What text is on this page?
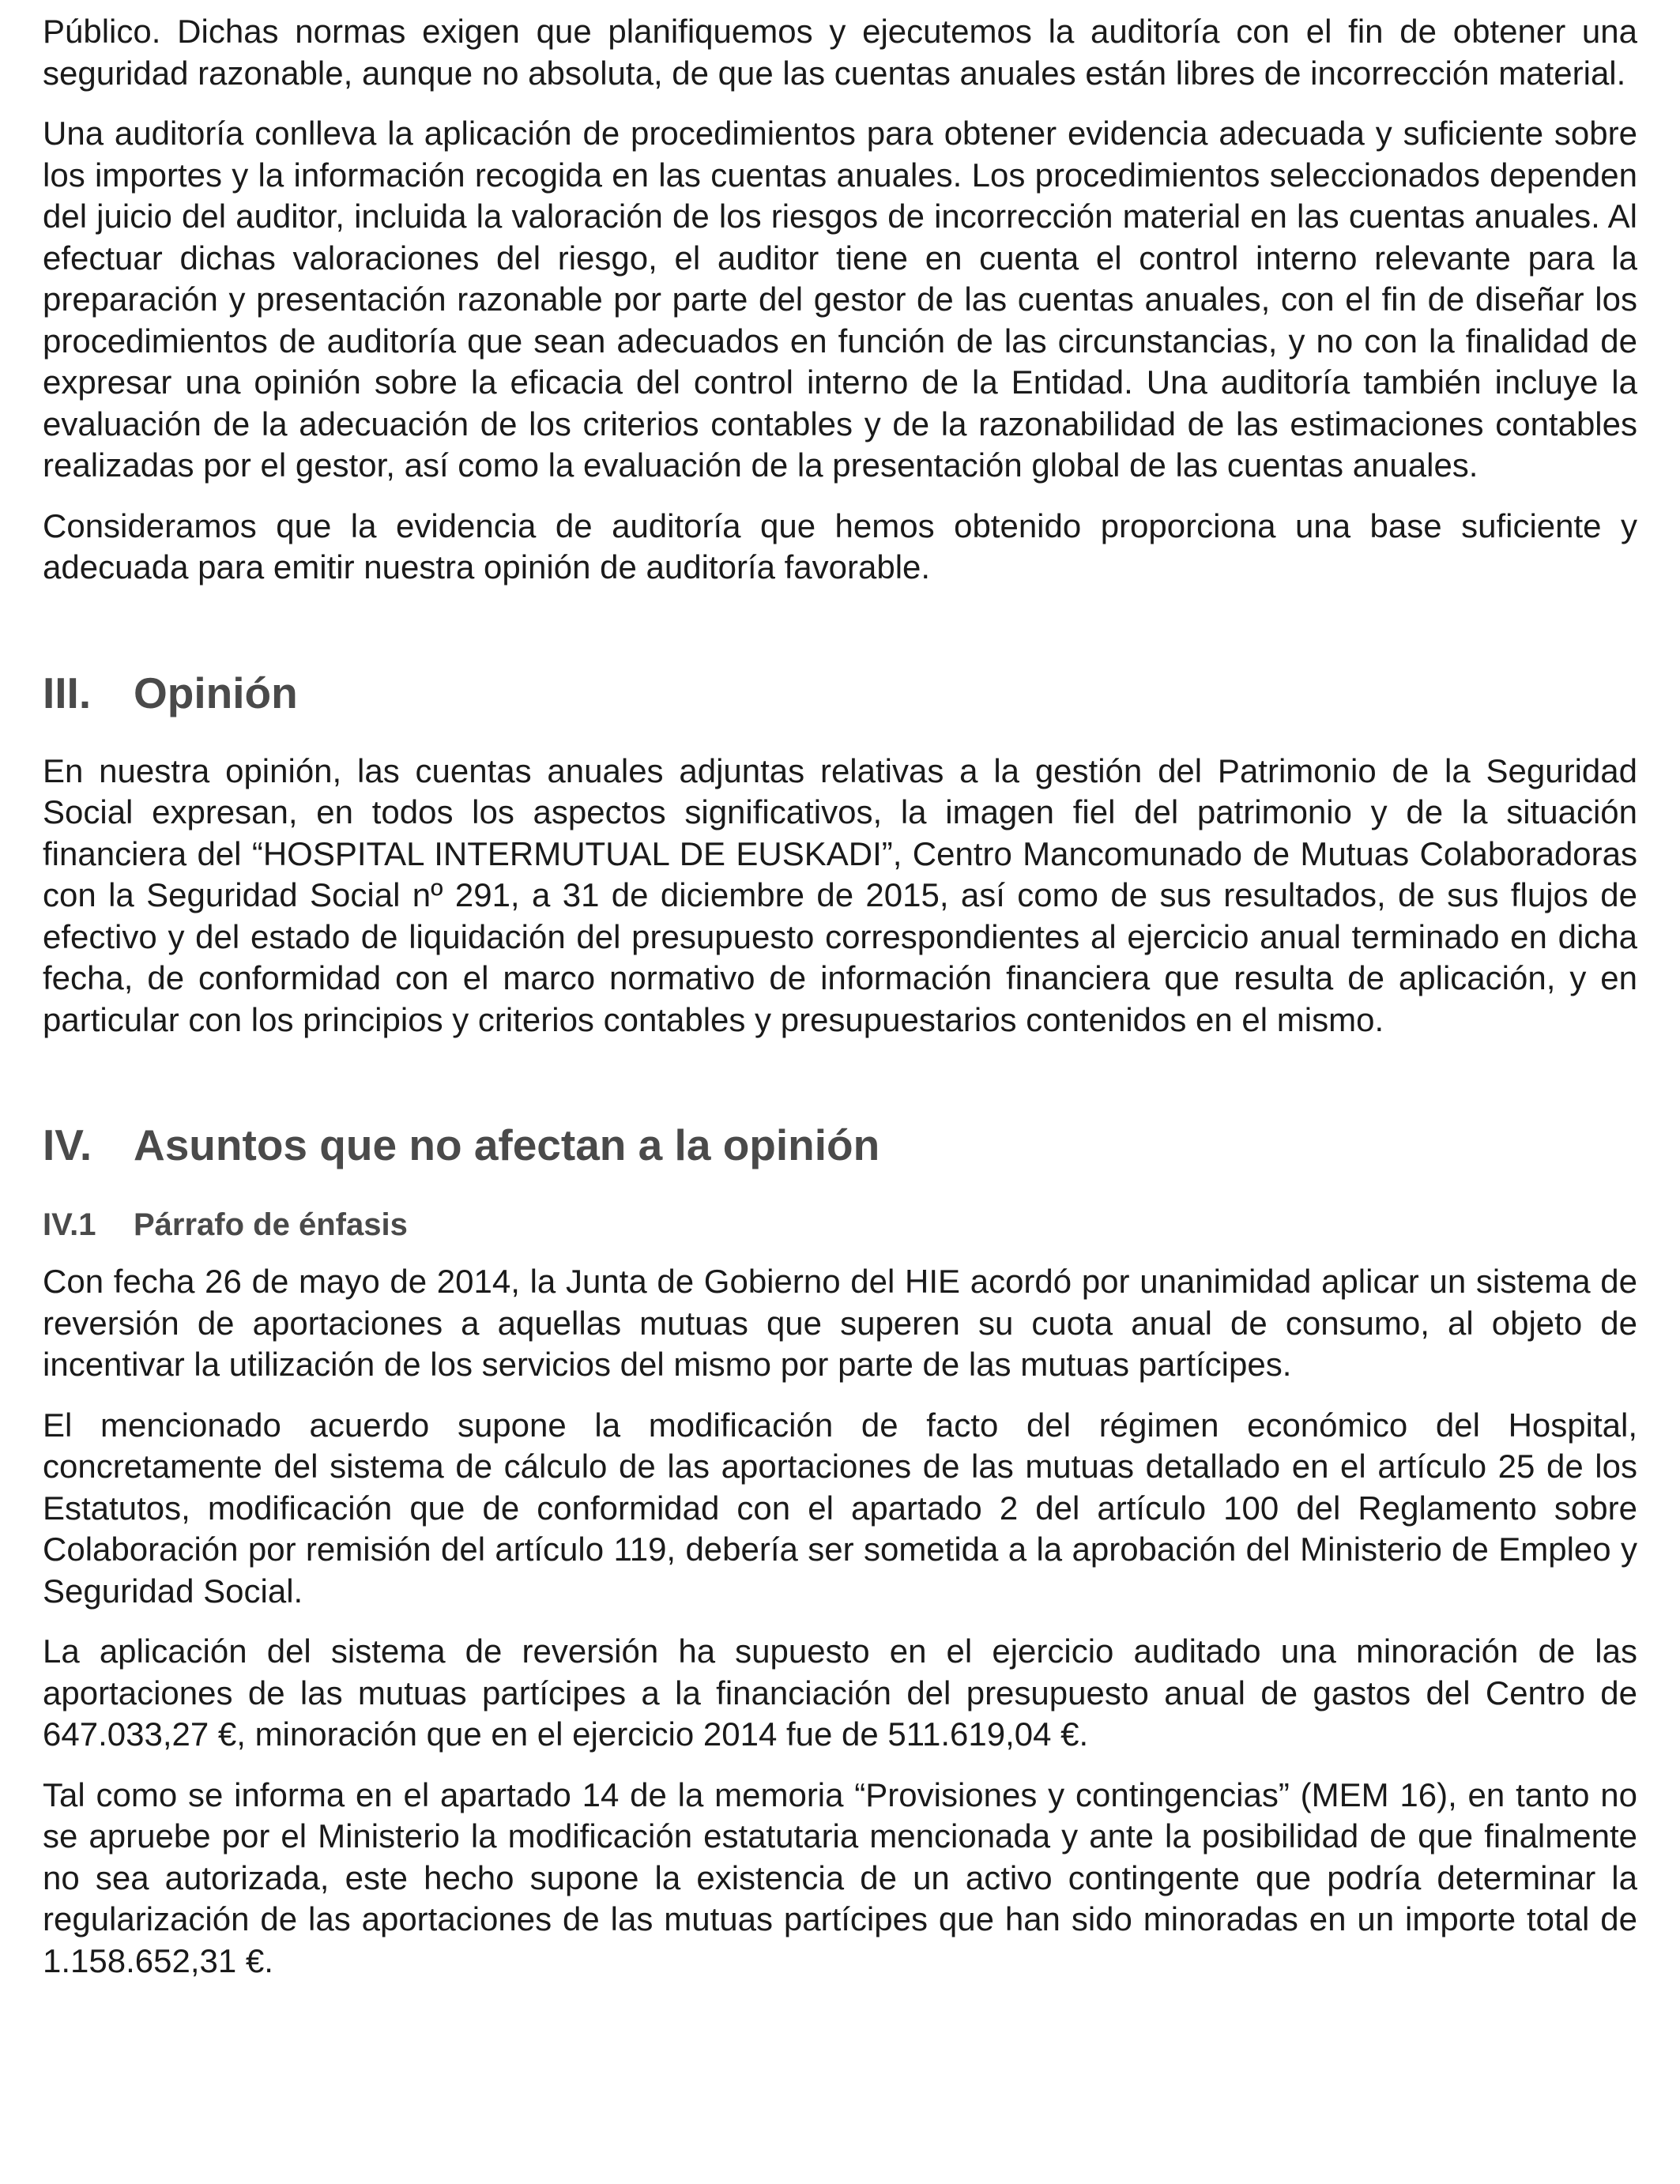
Público. Dichas normas exigen que planifiquemos y ejecutemos la auditoría con el fin de obtener una seguridad razonable, aunque no absoluta, de que las cuentas anuales están libres de incorrección material.

Una auditoría conlleva la aplicación de procedimientos para obtener evidencia adecuada y suficiente sobre los importes y la información recogida en las cuentas anuales. Los procedimientos seleccionados dependen del juicio del auditor, incluida la valoración de los riesgos de incorrección material en las cuentas anuales. Al efectuar dichas valoraciones del riesgo, el auditor tiene en cuenta el control interno relevante para la preparación y presentación razonable por parte del gestor de las cuentas anuales, con el fin de diseñar los procedimientos de auditoría que sean adecuados en función de las circunstancias, y no con la finalidad de expresar una opinión sobre la eficacia del control interno de la Entidad. Una auditoría también incluye la evaluación de la adecuación de los criterios contables y de la razonabilidad de las estimaciones contables realizadas por el gestor, así como la evaluación de la presentación global de las cuentas anuales.

Consideramos que la evidencia de auditoría que hemos obtenido proporciona una base suficiente y adecuada para emitir nuestra opinión de auditoría favorable.

III. Opinión

En nuestra opinión, las cuentas anuales adjuntas relativas a la gestión del Patrimonio de la Seguridad Social expresan, en todos los aspectos significativos, la imagen fiel del patrimonio y de la situación financiera del “HOSPITAL INTERMUTUAL DE EUSKADI”, Centro Mancomunado de Mutuas Colaboradoras con la Seguridad Social nº 291, a 31 de diciembre de 2015, así como de sus resultados, de sus flujos de efectivo y del estado de liquidación del presupuesto correspondientes al ejercicio anual terminado en dicha fecha, de conformidad con el marco normativo de información financiera que resulta de aplicación, y en particular con los principios y criterios contables y presupuestarios contenidos en el mismo.

IV. Asuntos que no afectan a la opinión
IV.1	Párrafo de énfasis

Con fecha 26 de mayo de 2014, la Junta de Gobierno del HIE acordó por unanimidad aplicar un sistema de reversión de aportaciones a aquellas mutuas que superen su cuota anual de consumo, al objeto de incentivar la utilización de los servicios del mismo por parte de las mutuas partícipes.

El mencionado acuerdo supone la modificación de facto del régimen económico del Hospital, concretamente del sistema de cálculo de las aportaciones de las mutuas detallado en el artículo 25 de los Estatutos, modificación que de conformidad con el apartado 2 del artículo 100 del Reglamento sobre Colaboración por remisión del artículo 119, debería ser sometida a la aprobación del Ministerio de Empleo y Seguridad Social.

La aplicación del sistema de reversión ha supuesto en el ejercicio auditado una minoración de las aportaciones de las mutuas partícipes a la financiación del presupuesto anual de gastos del Centro de 647.033,27 €, minoración que en el ejercicio 2014 fue de 511.619,04 €.

Tal como se informa en el apartado 14 de la memoria “Provisiones y contingencias” (MEM 16), en tanto no se apruebe por el Ministerio la modificación estatutaria mencionada y ante la posibilidad de que finalmente no sea autorizada, este hecho supone la existencia de un activo contingente que podría determinar la regularización de las aportaciones de las mutuas partícipes que han sido minoradas en un importe total de 1.158.652,31 €.
